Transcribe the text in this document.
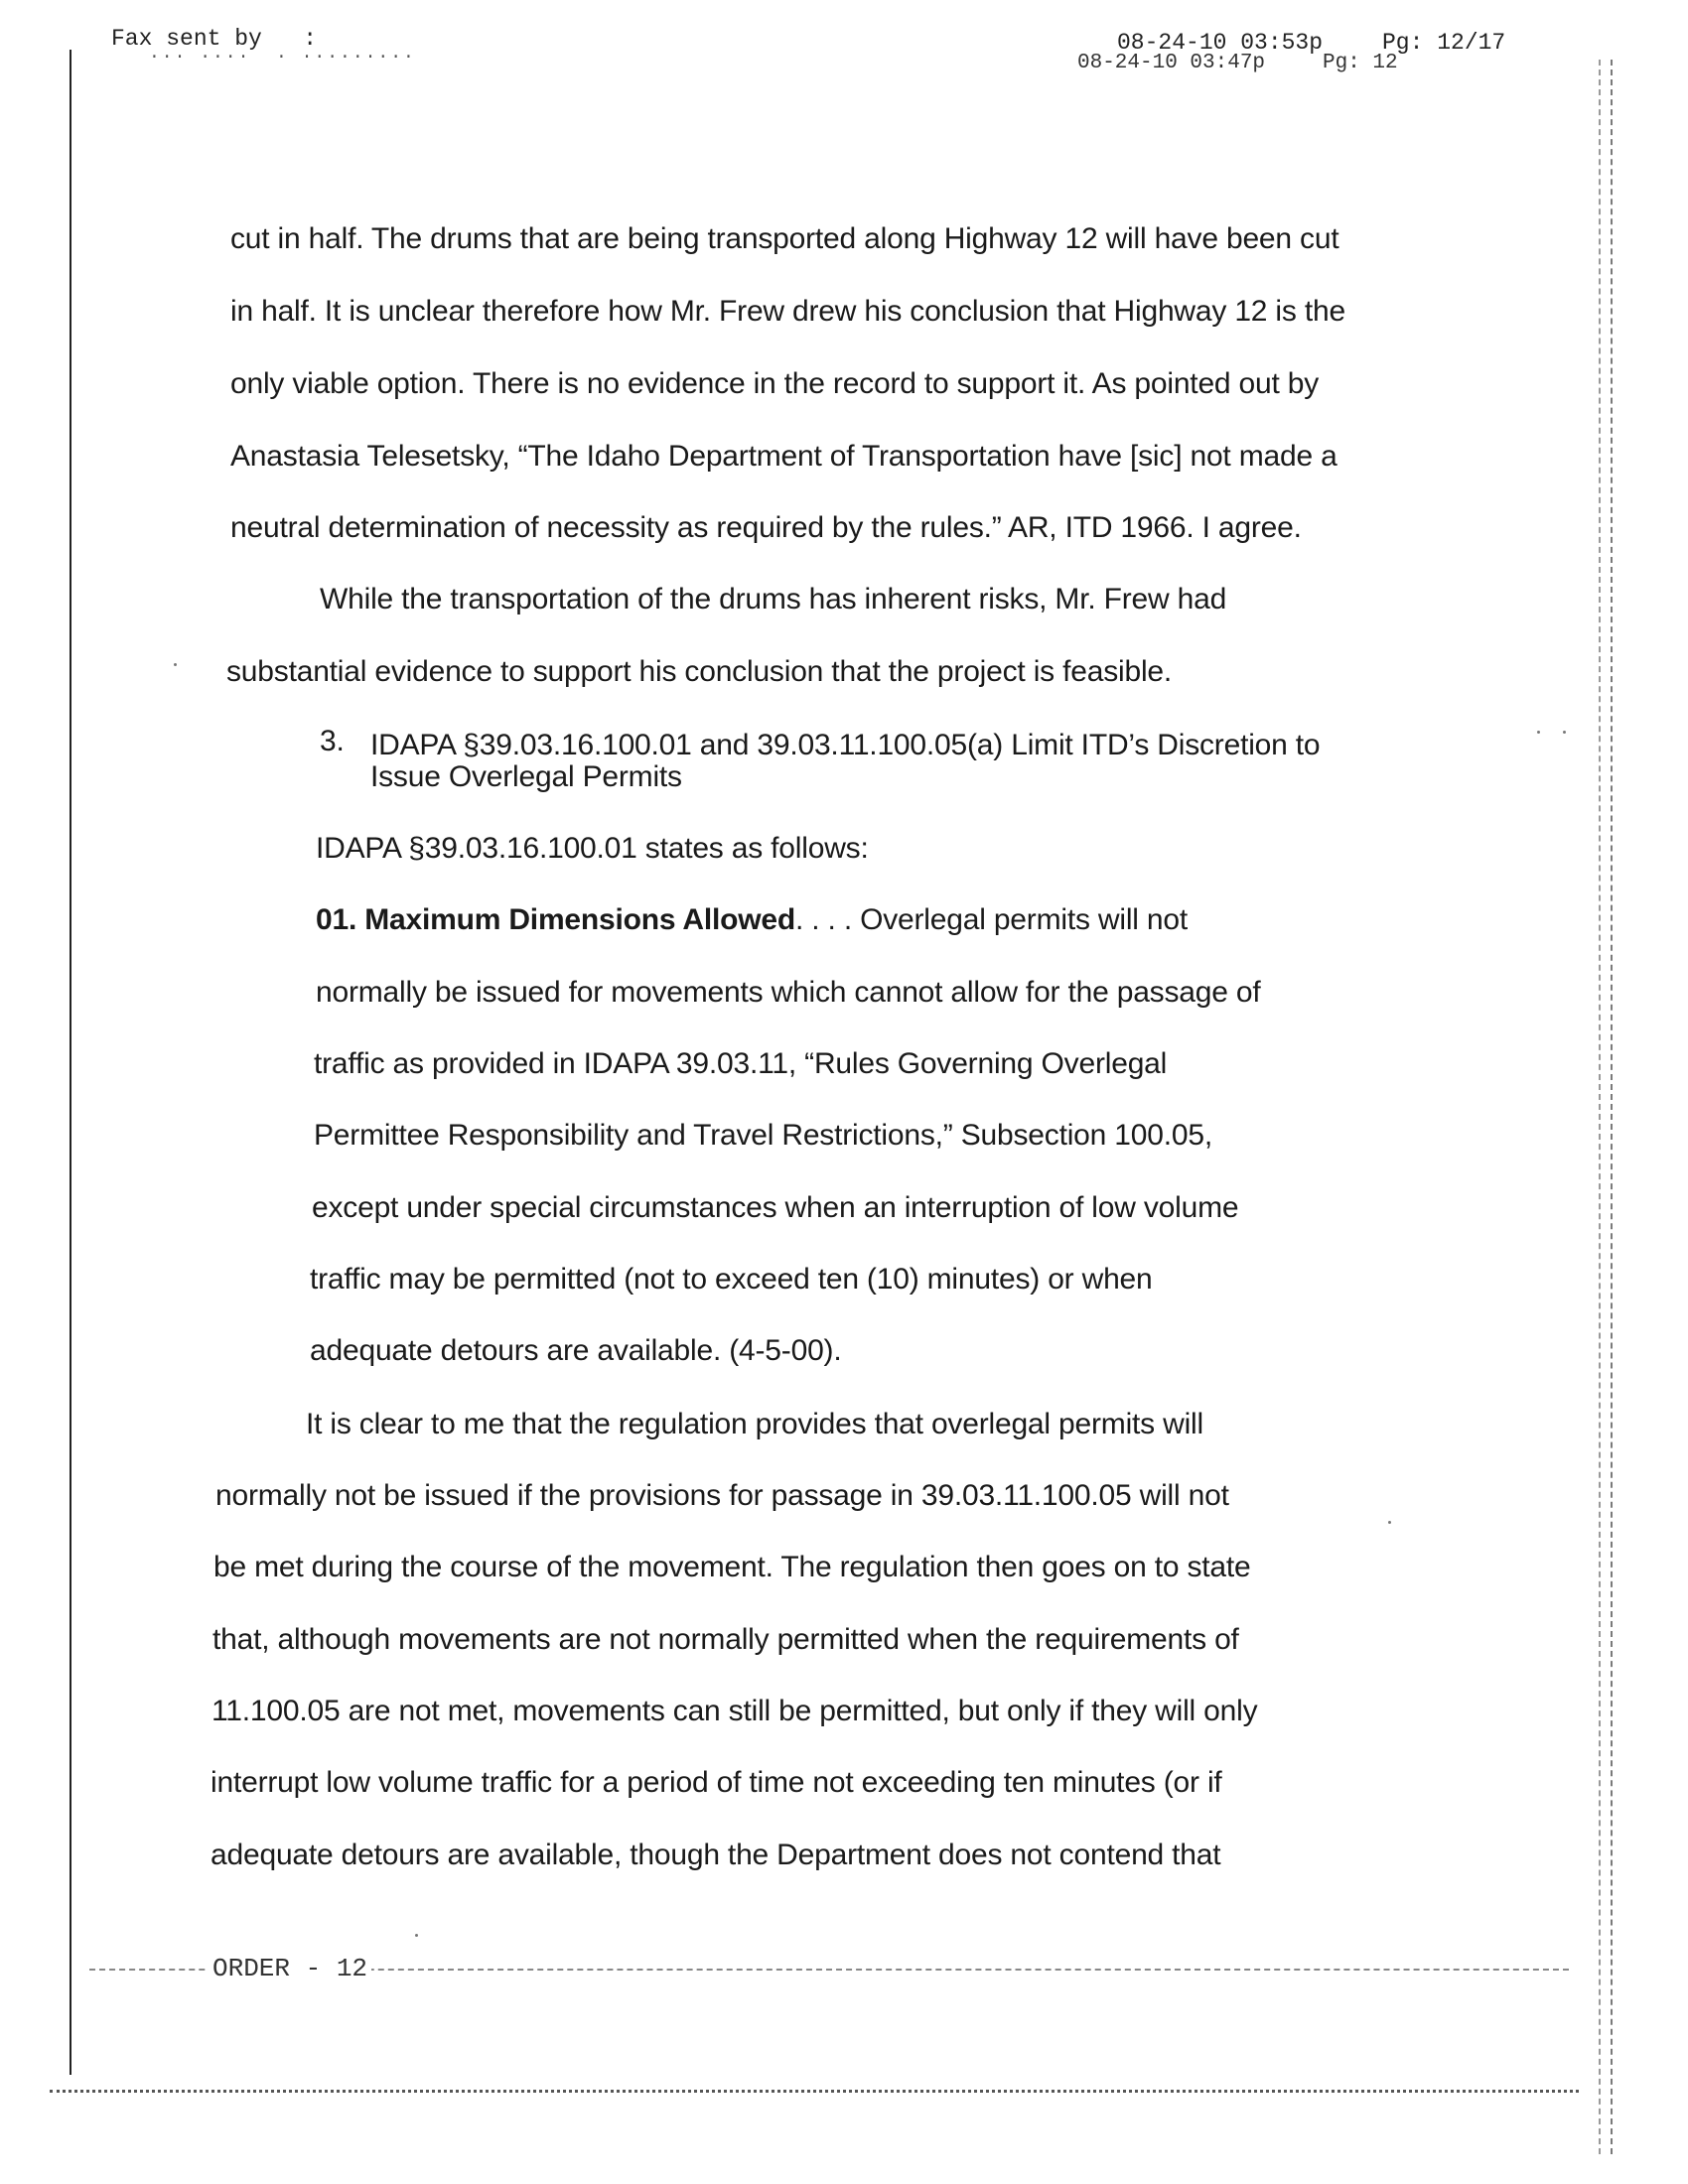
Fax sent by   :
... ....  . .........	08-24-10 03:53p	Pg: 12/17
08-24-10 03:47p	Pg: 12
cut in half. The drums that are being transported along Highway 12 will have been cut
in half. It is unclear therefore how Mr. Frew drew his conclusion that Highway 12 is the
only viable option. There is no evidence in the record to support it. As pointed out by
Anastasia Telesetsky, “The Idaho Department of Transportation have [sic] not made a
neutral determination of necessity as required by the rules.” AR, ITD 1966. I agree.
While the transportation of the drums has inherent risks, Mr. Frew had
substantial evidence to support his conclusion that the project is feasible.
3. IDAPA §39.03.16.100.01 and 39.03.11.100.05(a) Limit ITD’s Discretion to
Issue Overlegal Permits
IDAPA §39.03.16.100.01 states as follows:
01. Maximum Dimensions Allowed. . . . Overlegal permits will not
normally be issued for movements which cannot allow for the passage of
traffic as provided in IDAPA 39.03.11, “Rules Governing Overlegal
Permittee Responsibility and Travel Restrictions,” Subsection 100.05,
except under special circumstances when an interruption of low volume
traffic may be permitted (not to exceed ten (10) minutes) or when
adequate detours are available. (4-5-00).
It is clear to me that the regulation provides that overlegal permits will
normally not be issued if the provisions for passage in 39.03.11.100.05 will not
be met during the course of the movement. The regulation then goes on to state
that, although movements are not normally permitted when the requirements of
11.100.05 are not met, movements can still be permitted, but only if they will only
interrupt low volume traffic for a period of time not exceeding ten minutes (or if
adequate detours are available, though the Department does not contend that
ORDER - 12
